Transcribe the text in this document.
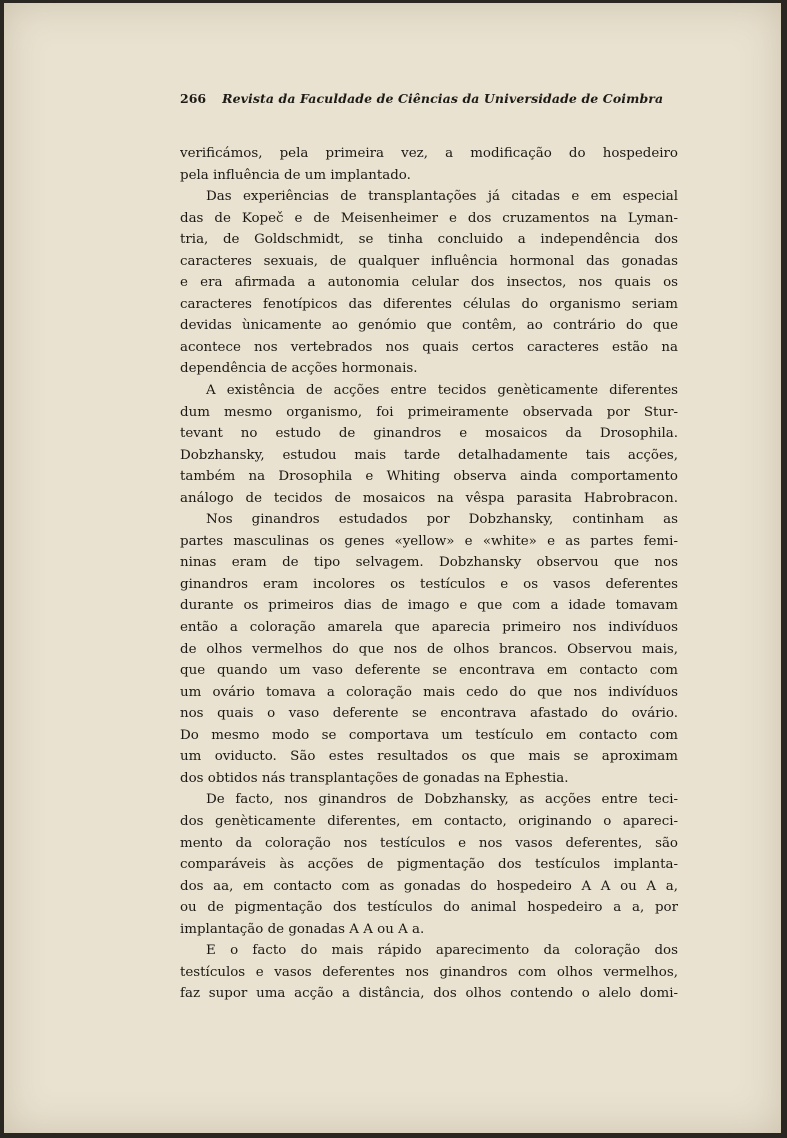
266 Revista da Faculdade de Ciências da Universidade de Coimbra
verificámos, pela primeira vez, a modificação do hospedeiro
pela influência de um implantado.
Das experiências de transplantações já citadas e em especial
das de Kopeč e de Meisenheimer e dos cruzamentos na Lyman-
tria, de Goldschmidt, se tinha concluido a independência dos
caracteres sexuais, de qualquer influência hormonal das gonadas
e era afirmada a autonomia celular dos insectos, nos quais os
caracteres fenotípicos das diferentes células do organismo seriam
devidas ùnicamente ao genómio que contêm, ao contrário do que
acontece nos vertebrados nos quais certos caracteres estão na
dependência de acções hormonais.
A existência de acções entre tecidos genèticamente diferentes
dum mesmo organismo, foi primeiramente observada por Stur-
tevant no estudo de ginandros e mosaicos da Drosophila.
Dobzhansky, estudou mais tarde detalhadamente tais acções,
também na Drosophila e Whiting observa ainda comportamento
análogo de tecidos de mosaicos na vêspa parasita Habrobracon.
Nos ginandros estudados por Dobzhansky, continham as
partes masculinas os genes «yellow» e «white» e as partes femi-
ninas eram de tipo selvagem. Dobzhansky observou que nos
ginandros eram incolores os testículos e os vasos deferentes
durante os primeiros dias de imago e que com a idade tomavam
então a coloração amarela que aparecia primeiro nos indivíduos
de olhos vermelhos do que nos de olhos brancos. Observou mais,
que quando um vaso deferente se encontrava em contacto com
um ovário tomava a coloração mais cedo do que nos indivíduos
nos quais o vaso deferente se encontrava afastado do ovário.
Do mesmo modo se comportava um testículo em contacto com
um oviducto. São estes resultados os que mais se aproximam
dos obtidos nás transplantações de gonadas na Ephestia.
De facto, nos ginandros de Dobzhansky, as acções entre teci-
dos genèticamente diferentes, em contacto, originando o apareci-
mento da coloração nos testículos e nos vasos deferentes, são
comparáveis às acções de pigmentação dos testículos implanta-
dos aa, em contacto com as gonadas do hospedeiro A A ou A a,
ou de pigmentação dos testículos do animal hospedeiro a a, por
implantação de gonadas A A ou A a.
E o facto do mais rápido aparecimento da coloração dos
testículos e vasos deferentes nos ginandros com olhos vermelhos,
faz supor uma acção a distância, dos olhos contendo o alelo domi-
